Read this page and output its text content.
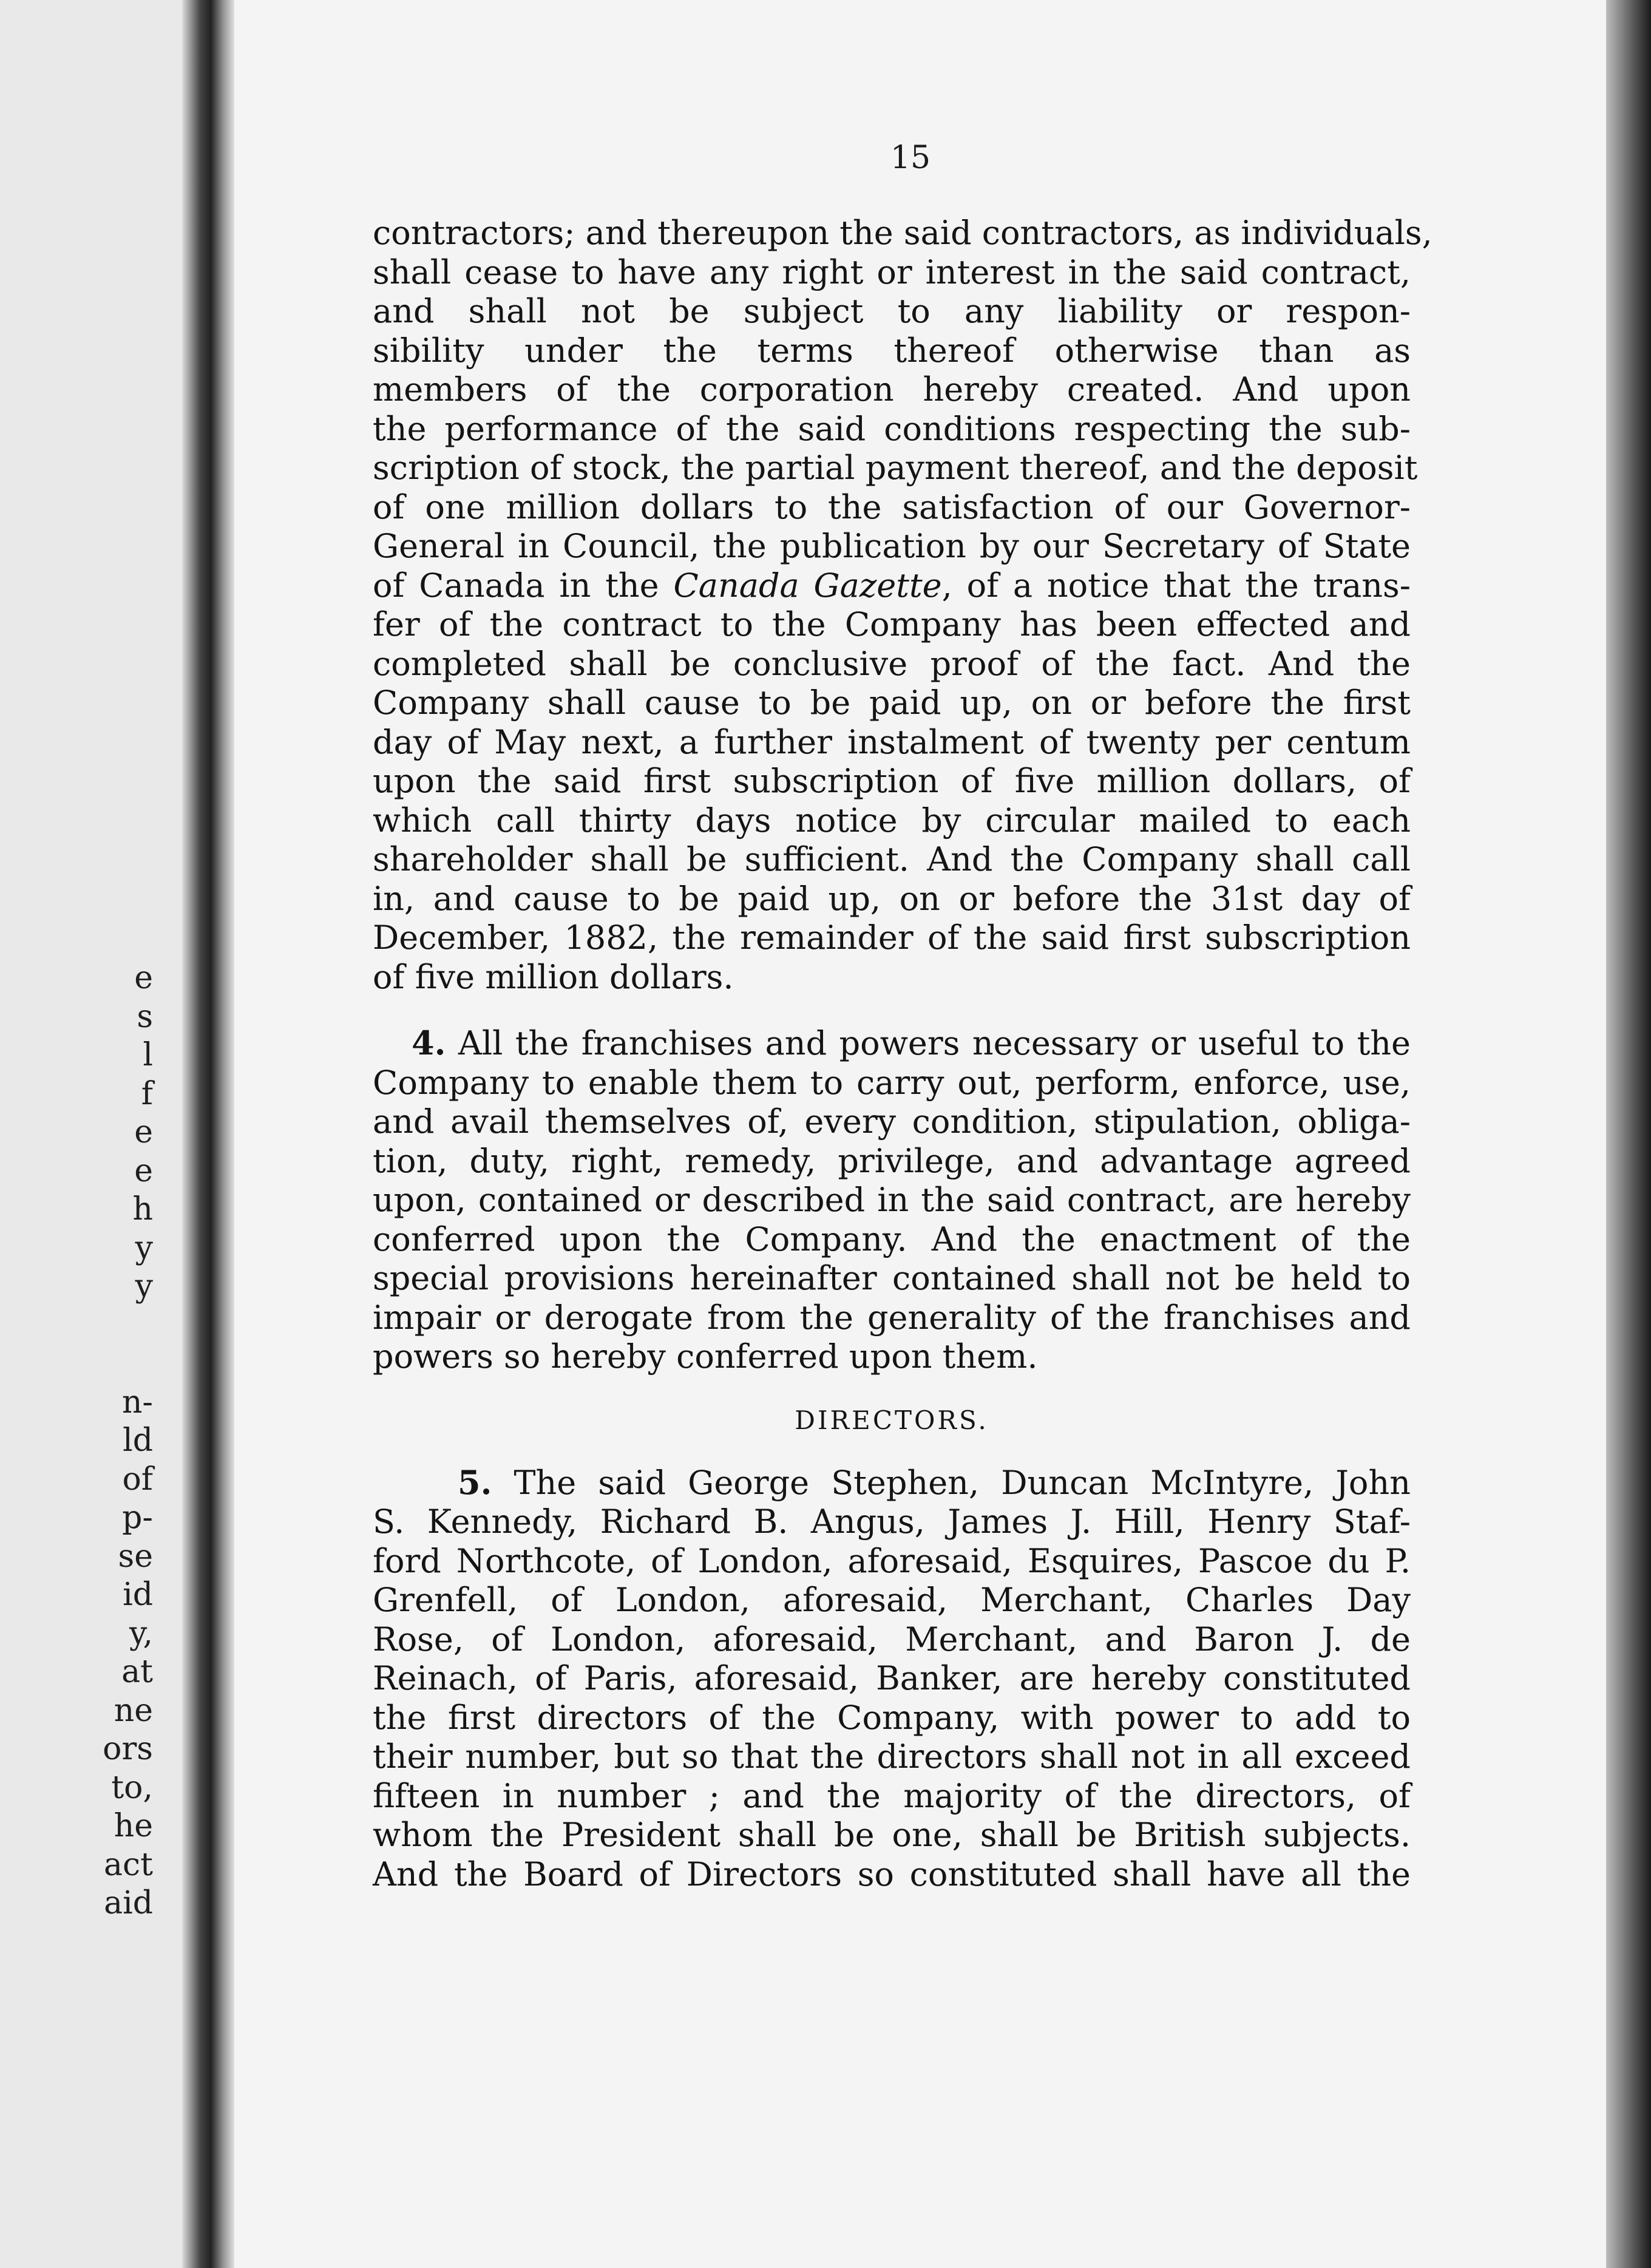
e
s
l
f
e
e
h
y
y
n-
ld
of
p-
se
id
y,
at
ne
ors
to,
he
act
aid
15

contractors; and thereupon the said contractors, as individuals,

shall cease to have any right or interest in the said contract,

and shall not be subject to any liability or respon-

sibility under the terms thereof otherwise than as

members of the corporation hereby created. And upon

the performance of the said conditions respecting the sub-

scription of stock, the partial payment thereof, and the deposit

of one million dollars to the satisfaction of our Governor-

General in Council, the publication by our Secretary of State

of Canada in the Canada Gazette, of a notice that the trans-

fer of the contract to the Company has been effected and

completed shall be conclusive proof of the fact. And the

Company shall cause to be paid up, on or before the first

day of May next, a further instalment of twenty per centum

upon the said first subscription of five million dollars, of

which call thirty days notice by circular mailed to each

shareholder shall be sufficient. And the Company shall call

in, and cause to be paid up, on or before the 31st day of

December, 1882, the remainder of the said first subscription

of five million dollars.

4. All the franchises and powers necessary or useful to the

Company to enable them to carry out, perform, enforce, use,

and avail themselves of, every condition, stipulation, obliga-

tion, duty, right, remedy, privilege, and advantage agreed

upon, contained or described in the said contract, are hereby

conferred upon the Company. And the enactment of the

special provisions hereinafter contained shall not be held to

impair or derogate from the generality of the franchises and

powers so hereby conferred upon them.

DIRECTORS.

5. The said George Stephen, Duncan McIntyre, John

S. Kennedy, Richard B. Angus, James J. Hill, Henry Staf-

ford Northcote, of London, aforesaid, Esquires, Pascoe du P.

Grenfell, of London, aforesaid, Merchant, Charles Day

Rose, of London, aforesaid, Merchant, and Baron J. de

Reinach, of Paris, aforesaid, Banker, are hereby constituted

the first directors of the Company, with power to add to

their number, but so that the directors shall not in all exceed

fifteen in number ; and the majority of the directors, of

whom the President shall be one, shall be British subjects.

And the Board of Directors so constituted shall have all the
